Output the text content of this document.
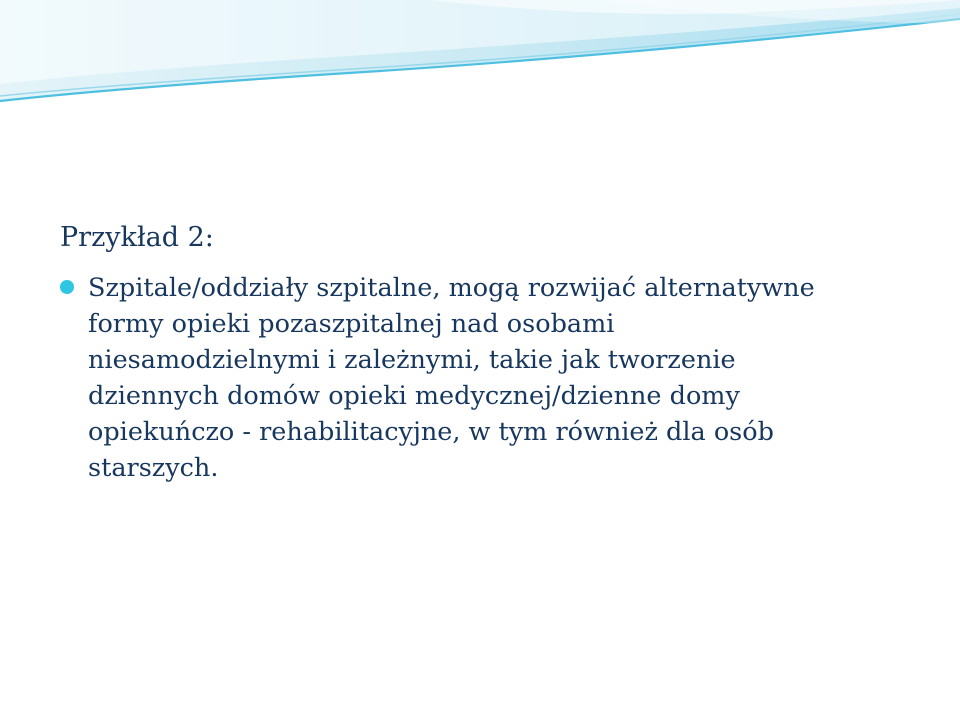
Przykład 2:
Szpitale/oddziały szpitalne, mogą rozwijać alternatywne formy opieki pozaszpitalnej nad osobami niesamodzielnymi i zależnymi, takie jak tworzenie dziennych domów opieki medycznej/dzienne domy opiekuńczo - rehabilitacyjne, w tym również dla osób starszych.
